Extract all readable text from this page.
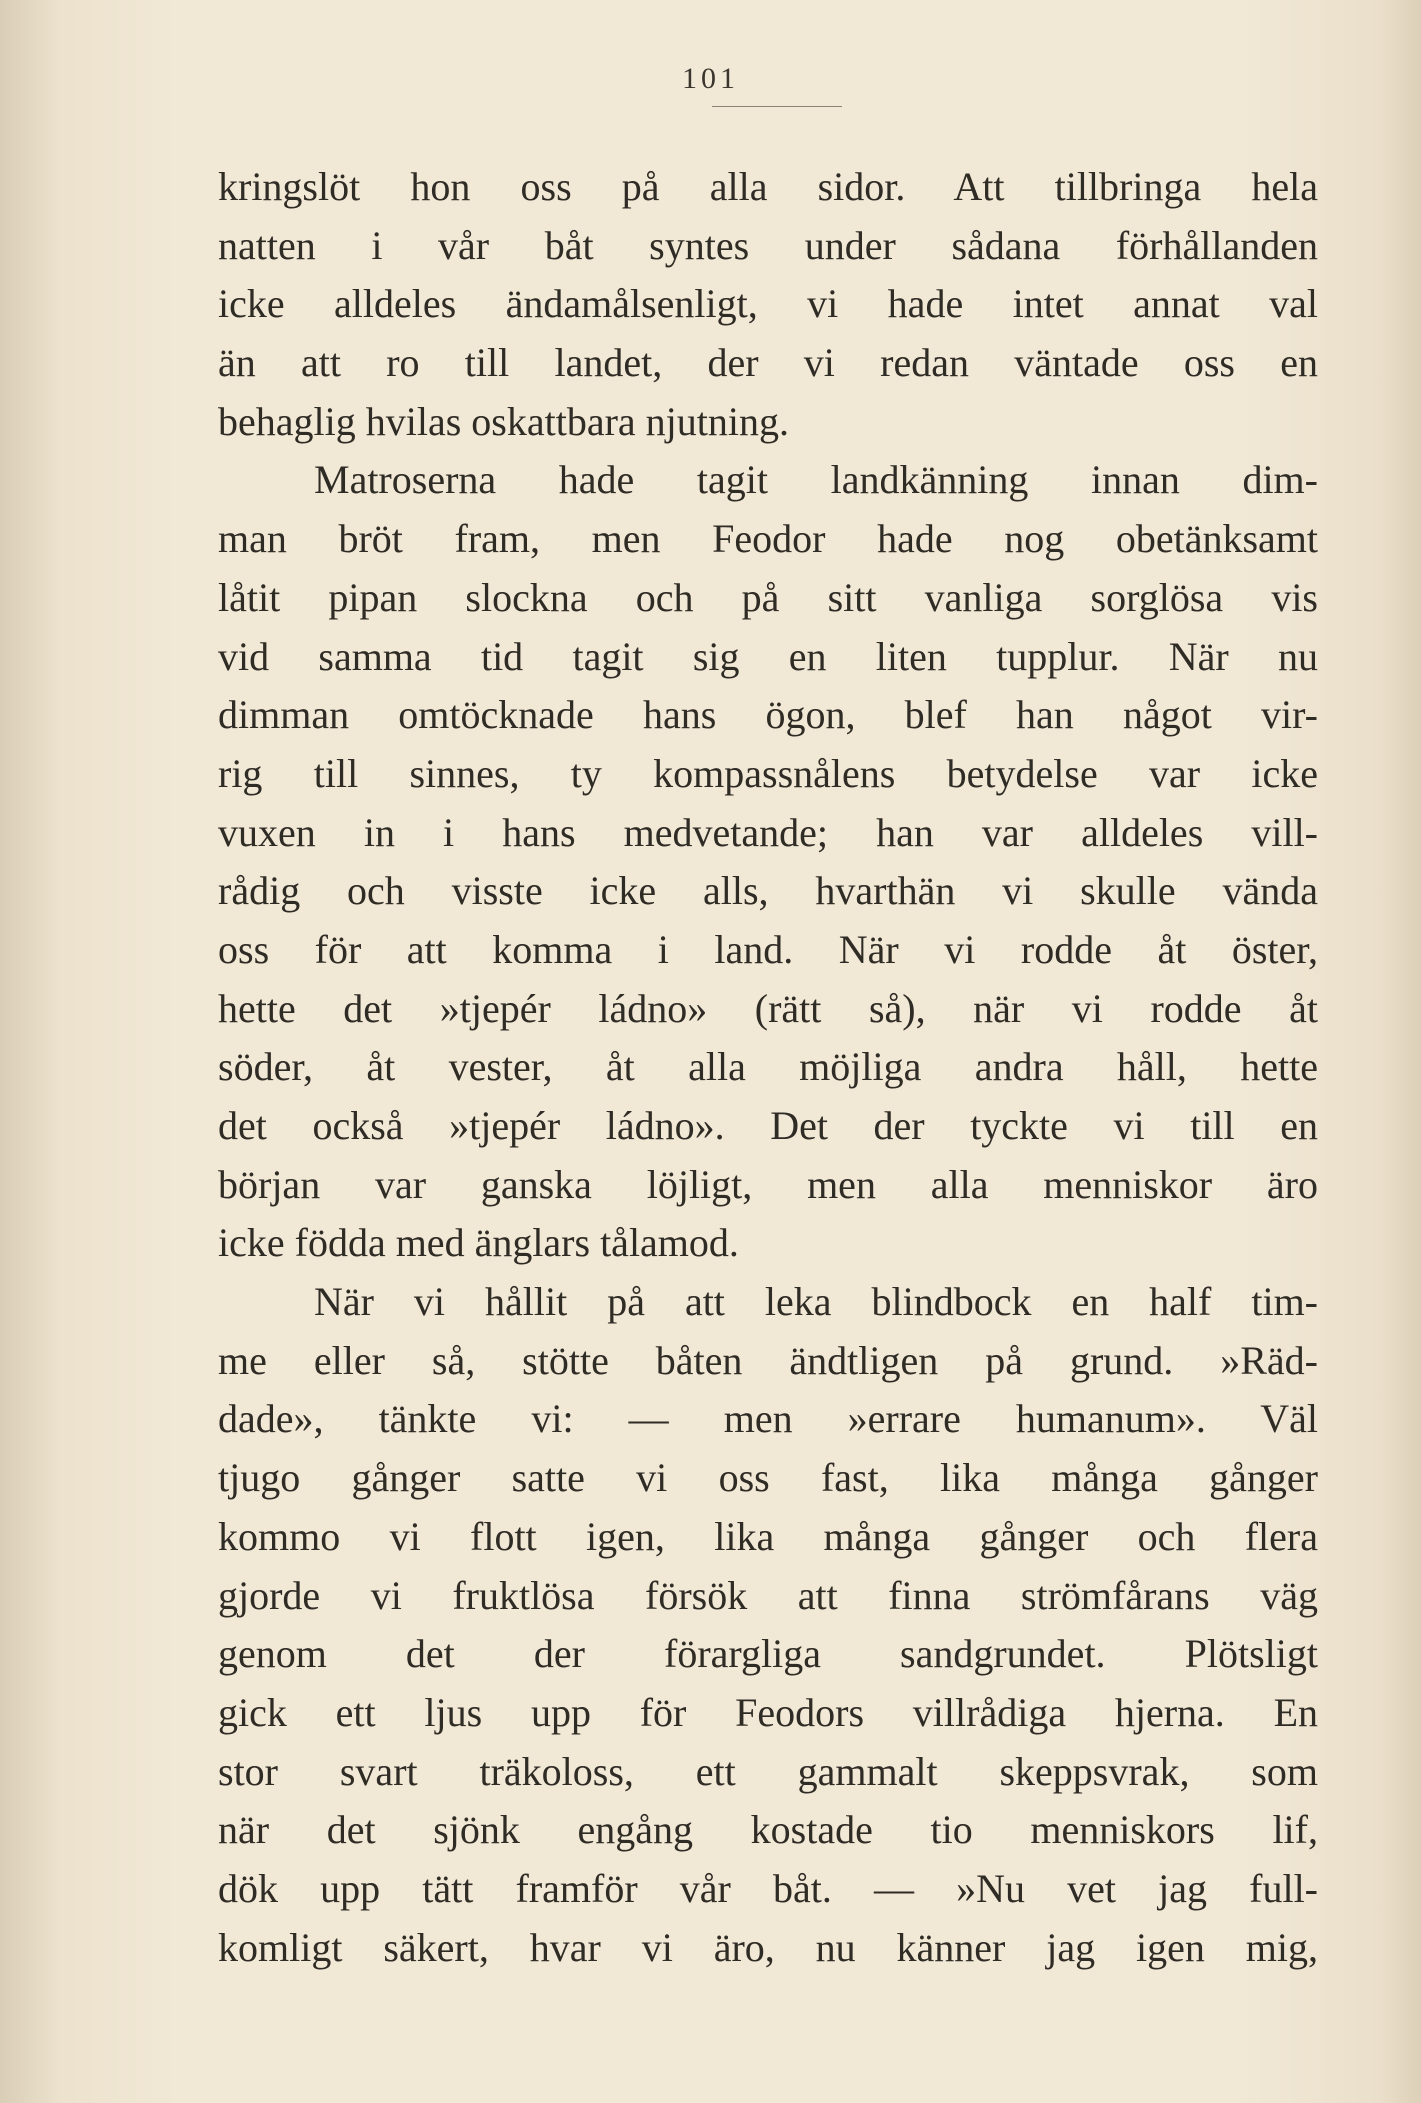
101
kringslöt hon oss på alla sidor. Att tillbringa hela
natten i vår båt syntes under sådana förhållanden
icke alldeles ändamålsenligt, vi hade intet annat val
än att ro till landet, der vi redan väntade oss en
behaglig hvilas oskattbara njutning.
Matroserna hade tagit landkänning innan dim-
man bröt fram, men Feodor hade nog obetänksamt
låtit pipan slockna och på sitt vanliga sorglösa vis
vid samma tid tagit sig en liten tupplur. När nu
dimman omtöcknade hans ögon, blef han något vir-
rig till sinnes, ty kompassnålens betydelse var icke
vuxen in i hans medvetande; han var alldeles vill-
rådig och visste icke alls, hvarthän vi skulle vända
oss för att komma i land. När vi rodde åt öster,
hette det »tjepér ládno» (rätt så), när vi rodde åt
söder, åt vester, åt alla möjliga andra håll, hette
det också »tjepér ládno». Det der tyckte vi till en
början var ganska löjligt, men alla menniskor äro
icke födda med änglars tålamod.
När vi hållit på att leka blindbock en half tim-
me eller så, stötte båten ändtligen på grund. »Räd-
dade», tänkte vi: — men »errare humanum». Väl
tjugo gånger satte vi oss fast, lika många gånger
kommo vi flott igen, lika många gånger och flera
gjorde vi fruktlösa försök att finna strömfårans väg
genom det der förargliga sandgrundet. Plötsligt
gick ett ljus upp för Feodors villrådiga hjerna. En
stor svart träkoloss, ett gammalt skeppsvrak, som
när det sjönk engång kostade tio menniskors lif,
dök upp tätt framför vår båt. — »Nu vet jag full-
komligt säkert, hvar vi äro, nu känner jag igen mig,
